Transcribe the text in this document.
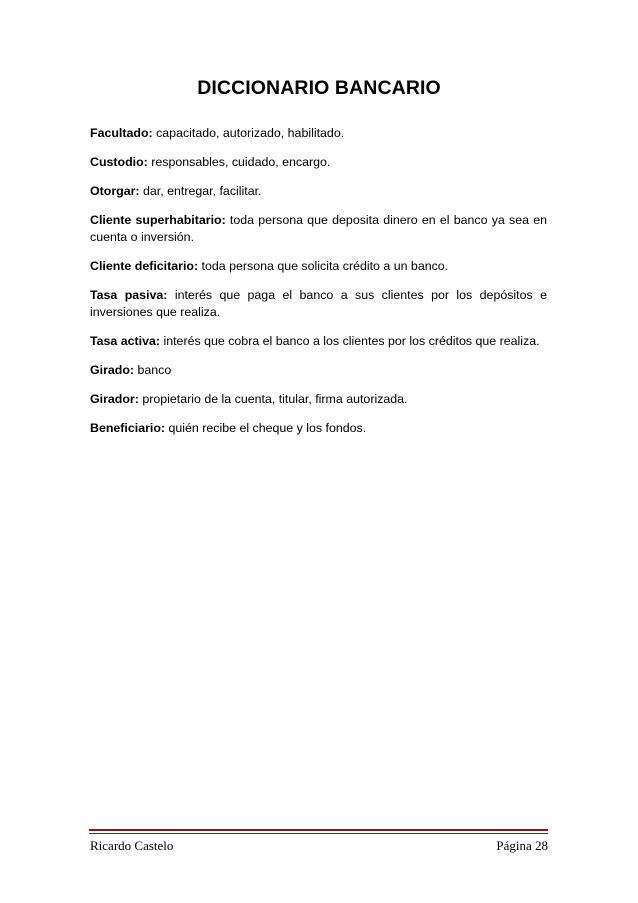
DICCIONARIO BANCARIO

Facultado: capacitado, autorizado, habilitado.

Custodio: responsables, cuidado, encargo.

Otorgar: dar, entregar, facilitar.

Cliente superhabitario: toda persona que deposita dinero en el banco ya sea en cuenta o inversión.

Cliente deficitario: toda persona que solicita crédito a un banco.

Tasa pasiva: interés que paga el banco a sus clientes por los depósitos e inversiones que realiza.

Tasa activa: interés que cobra el banco a los clientes por los créditos que realiza.

Girado: banco

Girador: propietario de la cuenta, titular, firma autorizada.

Beneficiario: quién recibe el cheque y los fondos.

Ricardo Castelo	Página 28
